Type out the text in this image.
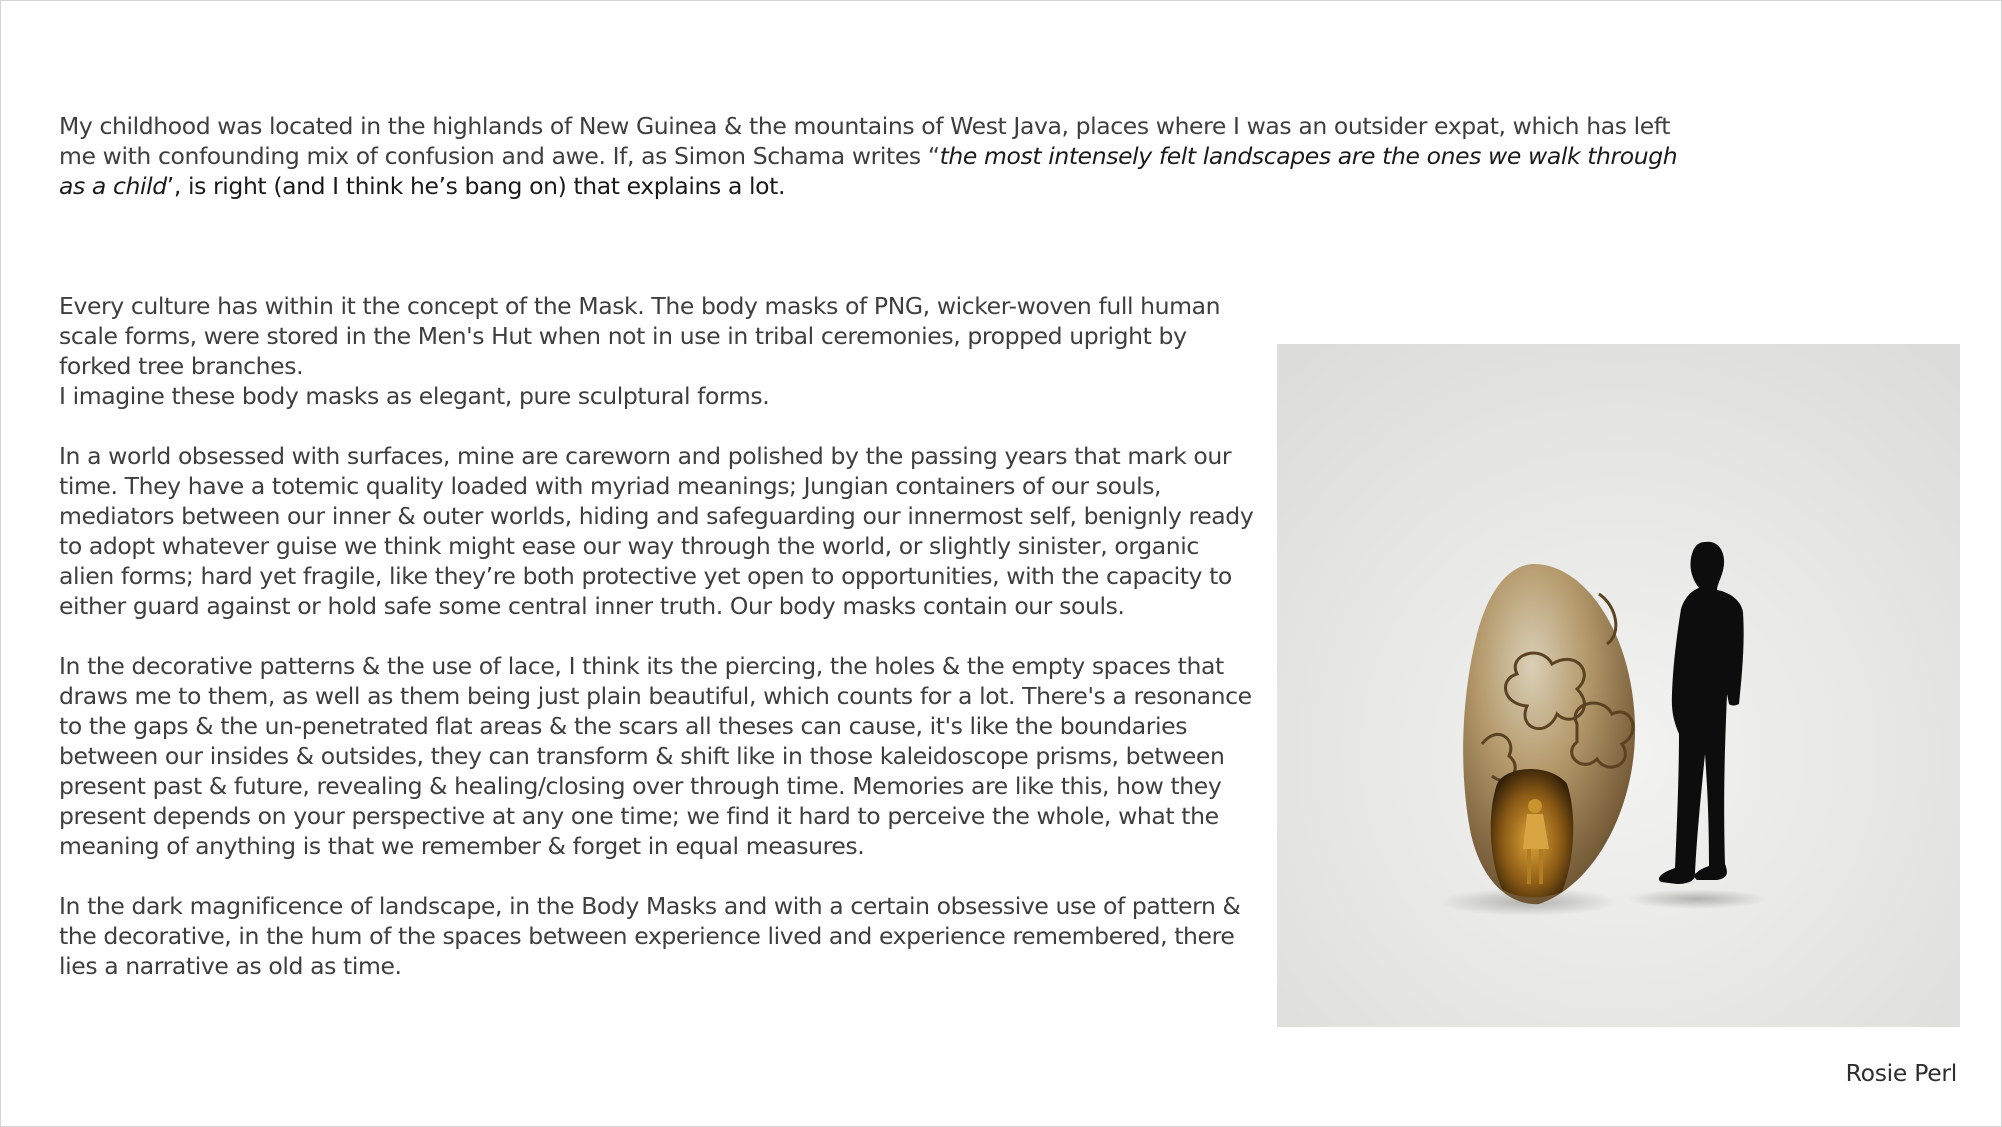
My childhood was located in the highlands of New Guinea & the mountains of West Java, places where I was an outsider expat, which has left me with confounding mix of confusion and awe. If, as Simon Schama writes “the most intensely felt landscapes are the ones we walk through as a child’, is right (and I think he’s bang on) that explains a lot.

Every culture has within it the concept of the Mask. The body masks of PNG, wicker-woven full human scale forms, were stored in the Men's Hut when not in use in tribal ceremonies, propped upright by forked tree branches.
I imagine these body masks as elegant, pure sculptural forms.

In a world obsessed with surfaces, mine are careworn and polished by the passing years that mark our time. They have a totemic quality loaded with myriad meanings; Jungian containers of our souls, mediators between our inner & outer worlds, hiding and safeguarding our innermost self, benignly ready to adopt whatever guise we think might ease our way through the world, or slightly sinister, organic alien forms; hard yet fragile, like they’re both protective yet open to opportunities, with the capacity to either guard against or hold safe some central inner truth. Our body masks contain our souls.

In the decorative patterns & the use of lace, I think its the piercing, the holes & the empty spaces that draws me to them, as well as them being just plain beautiful, which counts for a lot. There's a resonance to the gaps & the un-penetrated flat areas & the scars all theses can cause, it's like the boundaries between our insides & outsides, they can transform & shift like in those kaleidoscope prisms, between present past & future, revealing & healing/closing over through time. Memories are like this, how they present depends on your perspective at any one time; we find it hard to perceive the whole, what the meaning of anything is that we remember & forget in equal measures.

In the dark magnificence of landscape, in the Body Masks and with a certain obsessive use of pattern & the decorative, in the hum of the spaces between experience lived and experience remembered, there lies a narrative as old as time.

Rosie Perl
